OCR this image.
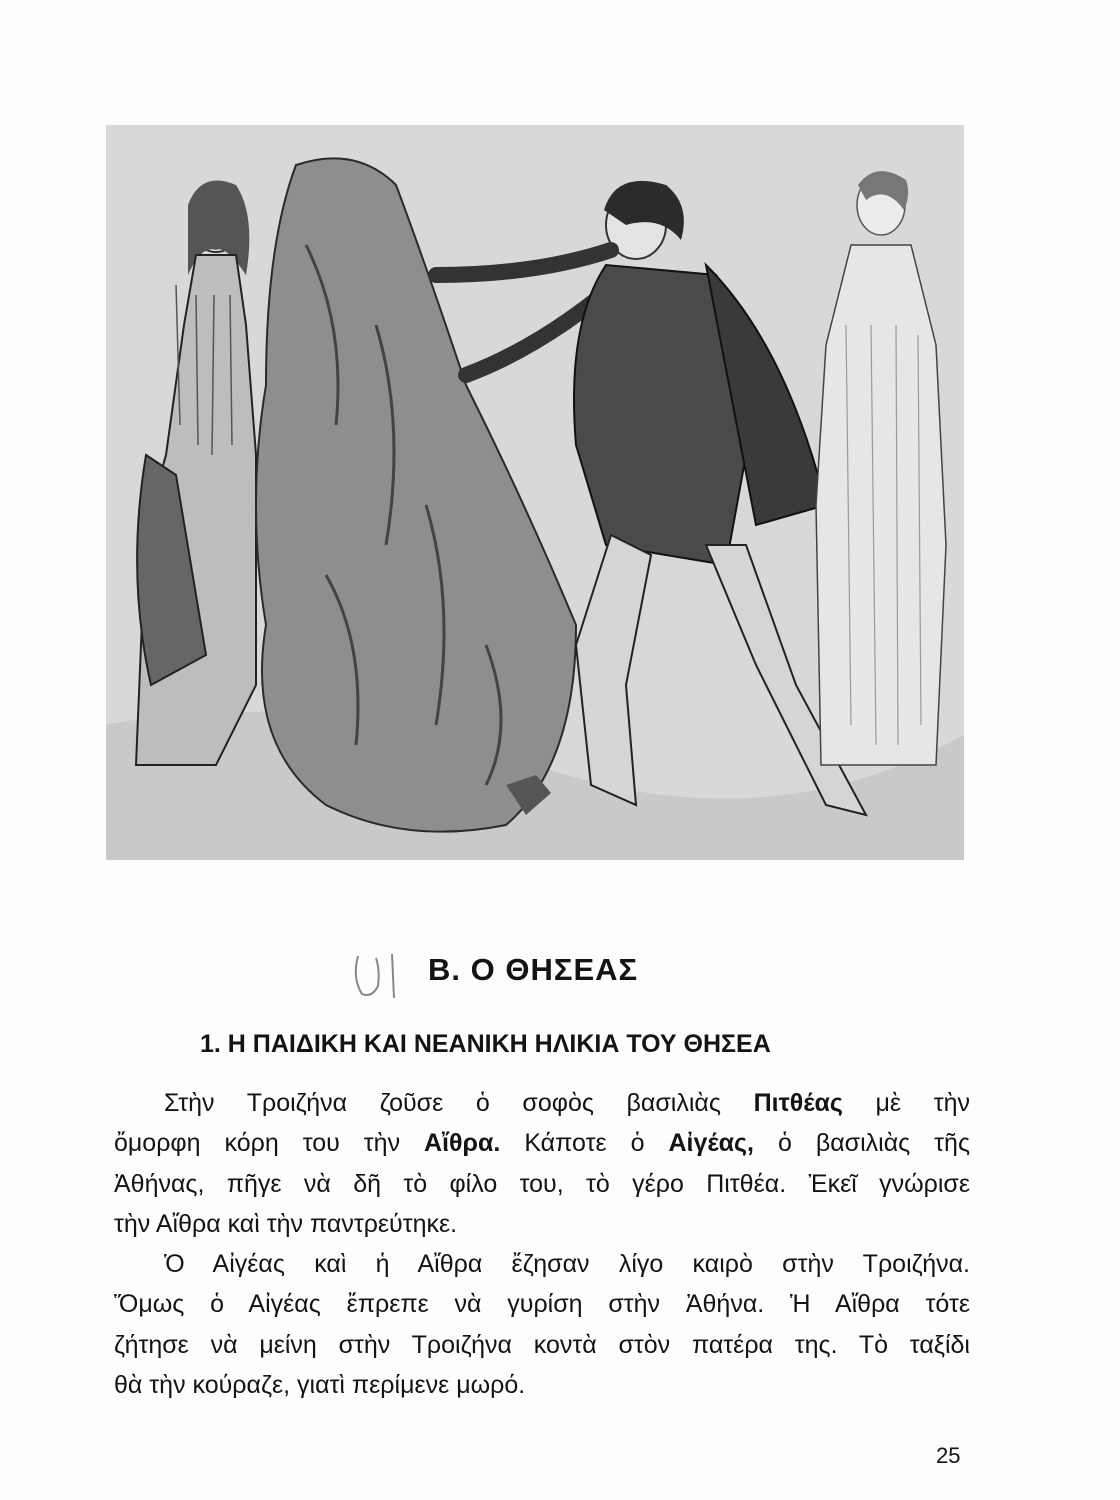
Β. Ο ΘΗΣΕΑΣ
1. Η ΠΑΙΔΙΚΗ ΚΑΙ ΝΕΑΝΙΚΗ ΗΛΙΚΙΑ ΤΟΥ ΘΗΣΕΑ

Στὴν Τροιζήνα ζοῦσε ὁ σοφὸς βασιλιὰς Πιτθέας μὲ τὴν
ὄμορφη κόρη του τὴν Αἴθρα. Κάποτε ὁ Αἰγέας, ὁ βασιλιὰς τῆς
Ἀθήνας, πῆγε νὰ δῆ τὸ φίλο του, τὸ γέρο Πιτθέα. Ἐκεῖ γνώρισε
τὴν Αἴθρα καὶ τὴν παντρεύτηκε.

Ὁ Αἰγέας καὶ ἡ Αἴθρα ἔζησαν λίγο καιρὸ στὴν Τροιζήνα.
Ὅμως ὁ Αἰγέας ἔπρεπε νὰ γυρίση στὴν Ἀθήνα. Ἡ Αἴθρα τότε
ζήτησε νὰ μείνη στὴν Τροιζήνα κοντὰ στὸν πατέρα της. Τὸ ταξίδι
θὰ τὴν κούραζε, γιατὶ περίμενε μωρό.

25
